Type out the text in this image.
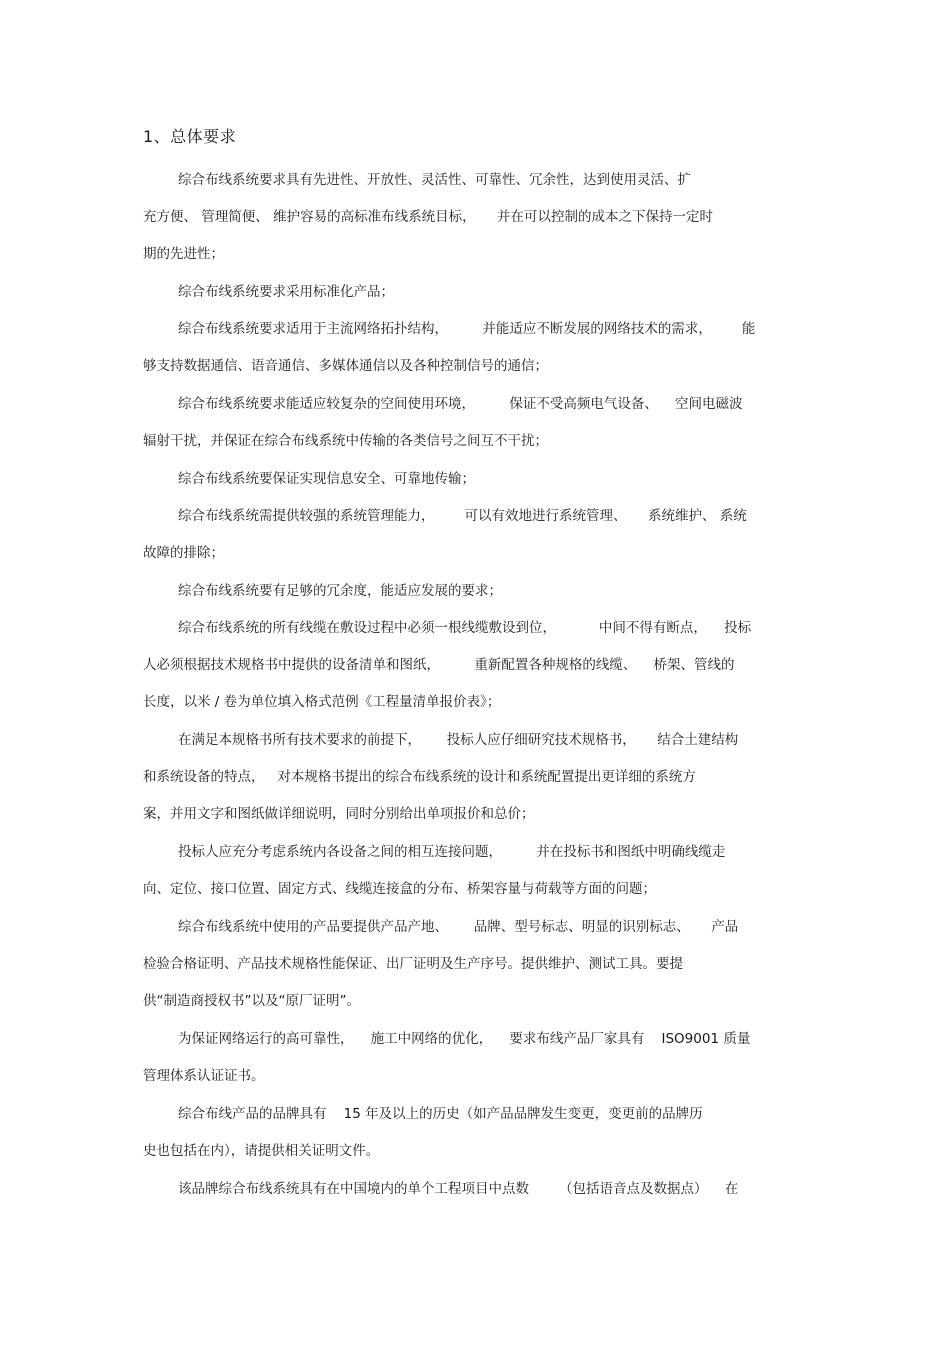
1、总体要求
综合布线系统要求具有先进性、开放性、灵活性、可靠性、冗余性，达到使用灵活、扩
充方便、 管理简便、 维护容易的高标准布线系统目标，     并在可以控制的成本之下保持一定时
期的先进性；
综合布线系统要求采用标准化产品；
综合布线系统要求适用于主流网络拓扑结构，        并能适应不断发展的网络技术的需求，       能
够支持数据通信、语音通信、多媒体通信以及各种控制信号的通信；
综合布线系统要求能适应较复杂的空间使用环境，        保证不受高频电气设备、    空间电磁波
辐射干扰，并保证在综合布线系统中传输的各类信号之间互不干扰；
综合布线系统要保证实现信息安全、可靠地传输；
综合布线系统需提供较强的系统管理能力，       可以有效地进行系统管理、     系统维护、 系统
故障的排除；
综合布线系统要有足够的冗余度，能适应发展的要求；
综合布线系统的所有线缆在敷设过程中必须一根线缆敷设到位，          中间不得有断点，    投标
人必须根据技术规格书中提供的设备清单和图纸，        重新配置各种规格的线缆、    桥架、管线的
长度，以米 / 卷为单位填入格式范例《工程量清单报价表》；
在满足本规格书所有技术要求的前提下，      投标人应仔细研究技术规格书，     结合土建结构
和系统设备的特点，   对本规格书提出的综合布线系统的设计和系统配置提出更详细的系统方
案，并用文字和图纸做详细说明，同时分别给出单项报价和总价；
投标人应充分考虑系统内各设备之间的相互连接问题，        并在投标书和图纸中明确线缆走
向、定位、接口位置、固定方式、线缆连接盒的分布、桥架容量与荷载等方面的问题；
综合布线系统中使用的产品要提供产品产地、      品牌、型号标志、明显的识别标志、     产品
检验合格证明、产品技术规格性能保证、出厂证明及生产序号。提供维护、测试工具。要提
供“制造商授权书”以及“原厂证明”。
为保证网络运行的高可靠性，    施工中网络的优化，    要求布线产品厂家具有    ISO9001 质量
管理体系认证证书。
综合布线产品的品牌具有    15 年及以上的历史（如产品品牌发生变更，变更前的品牌历
史也包括在内），请提供相关证明文件。
该品牌综合布线系统具有在中国境内的单个工程项目中点数       （包括语音点及数据点）    在
